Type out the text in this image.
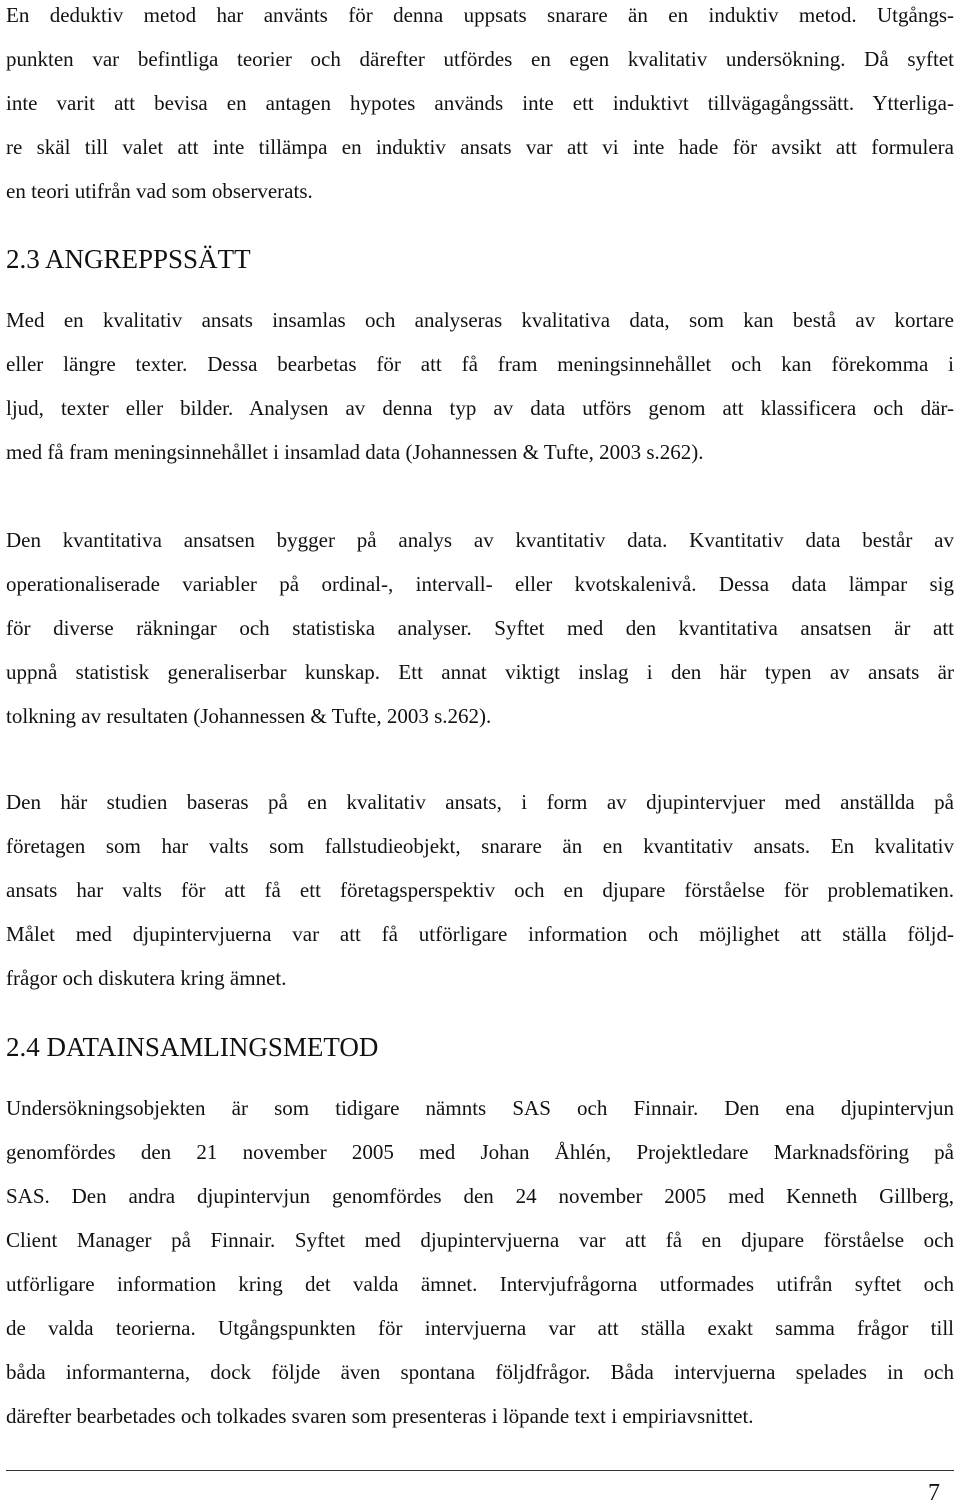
En deduktiv metod har använts för denna uppsats snarare än en induktiv metod. Utgångs-
punkten var befintliga teorier och därefter utfördes en egen kvalitativ undersökning. Då syftet
inte varit att bevisa en antagen hypotes används inte ett induktivt tillvägagångssätt. Ytterliga-
re skäl till valet att inte tillämpa en induktiv ansats var att vi inte hade för avsikt att formulera
en teori utifrån vad som observerats.

2.3 ANGREPPSSÄTT

Med en kvalitativ ansats insamlas och analyseras kvalitativa data, som kan bestå av kortare
eller längre texter. Dessa bearbetas för att få fram meningsinnehållet och kan förekomma i
ljud, texter eller bilder. Analysen av denna typ av data utförs genom att klassificera och där-
med få fram meningsinnehållet i insamlad data (Johannessen & Tufte, 2003 s.262).

Den kvantitativa ansatsen bygger på analys av kvantitativ data. Kvantitativ data består av
operationaliserade variabler på ordinal-, intervall- eller kvotskalenivå. Dessa data lämpar sig
för diverse räkningar och statistiska analyser. Syftet med den kvantitativa ansatsen är att
uppnå statistisk generaliserbar kunskap. Ett annat viktigt inslag i den här typen av ansats är
tolkning av resultaten (Johannessen & Tufte, 2003 s.262).

Den här studien baseras på en kvalitativ ansats, i form av djupintervjuer med anställda på
företagen som har valts som fallstudieobjekt, snarare än en kvantitativ ansats. En kvalitativ
ansats har valts för att få ett företagsperspektiv och en djupare förståelse för problematiken.
Målet med djupintervjuerna var att få utförligare information och möjlighet att ställa följd-
frågor och diskutera kring ämnet.

2.4 DATAINSAMLINGSMETOD

Undersökningsobjekten är som tidigare nämnts SAS och Finnair. Den ena djupintervjun
genomfördes den 21 november 2005 med Johan Åhlén, Projektledare Marknadsföring på
SAS. Den andra djupintervjun genomfördes den 24 november 2005 med Kenneth Gillberg,
Client Manager på Finnair. Syftet med djupintervjuerna var att få en djupare förståelse och
utförligare information kring det valda ämnet. Intervjufrågorna utformades utifrån syftet och
de valda teorierna. Utgångspunkten för intervjuerna var att ställa exakt samma frågor till
båda informanterna, dock följde även spontana följdfrågor. Båda intervjuerna spelades in och
därefter bearbetades och tolkades svaren som presenteras i löpande text i empiriavsnittet.

7
